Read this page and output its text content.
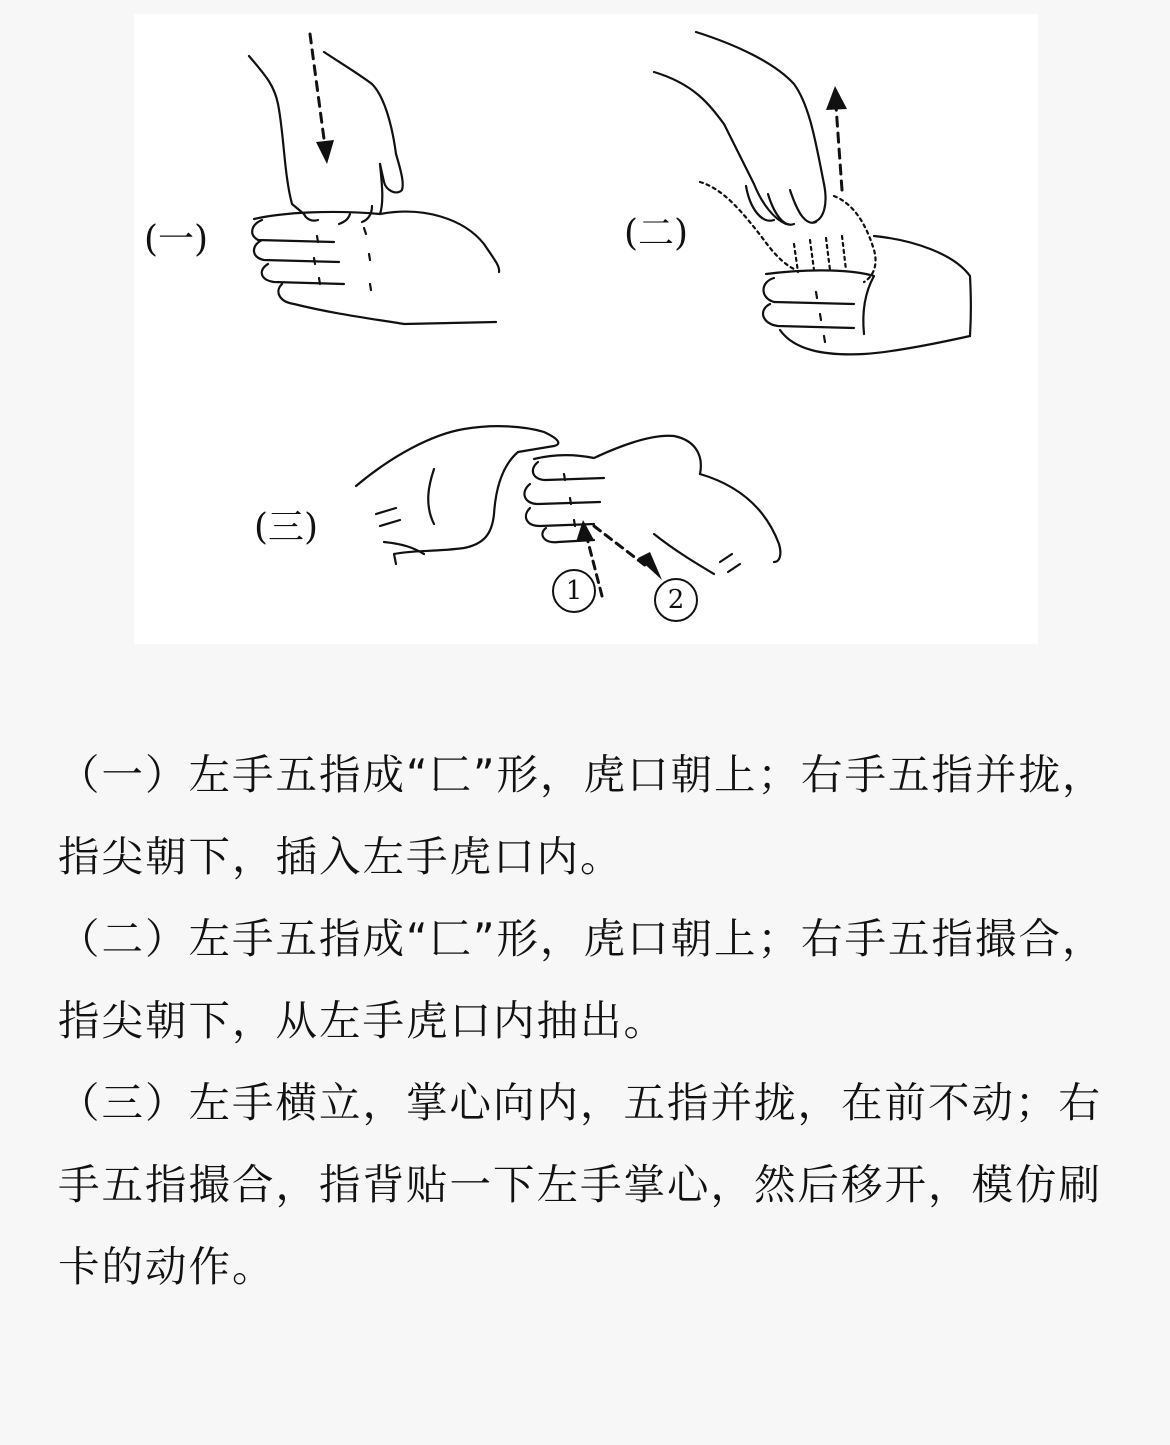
(一)	(二)
(三)
1	2

（一）左手五指成“匚”形，虎口朝上；右手五指并拢，指尖朝下，插入左手虎口内。

（二）左手五指成“匚”形，虎口朝上；右手五指撮合，指尖朝下，从左手虎口内抽出。

（三）左手横立，掌心向内，五指并拢，在前不动；右手五指撮合，指背贴一下左手掌心，然后移开，模仿刷卡的动作。
